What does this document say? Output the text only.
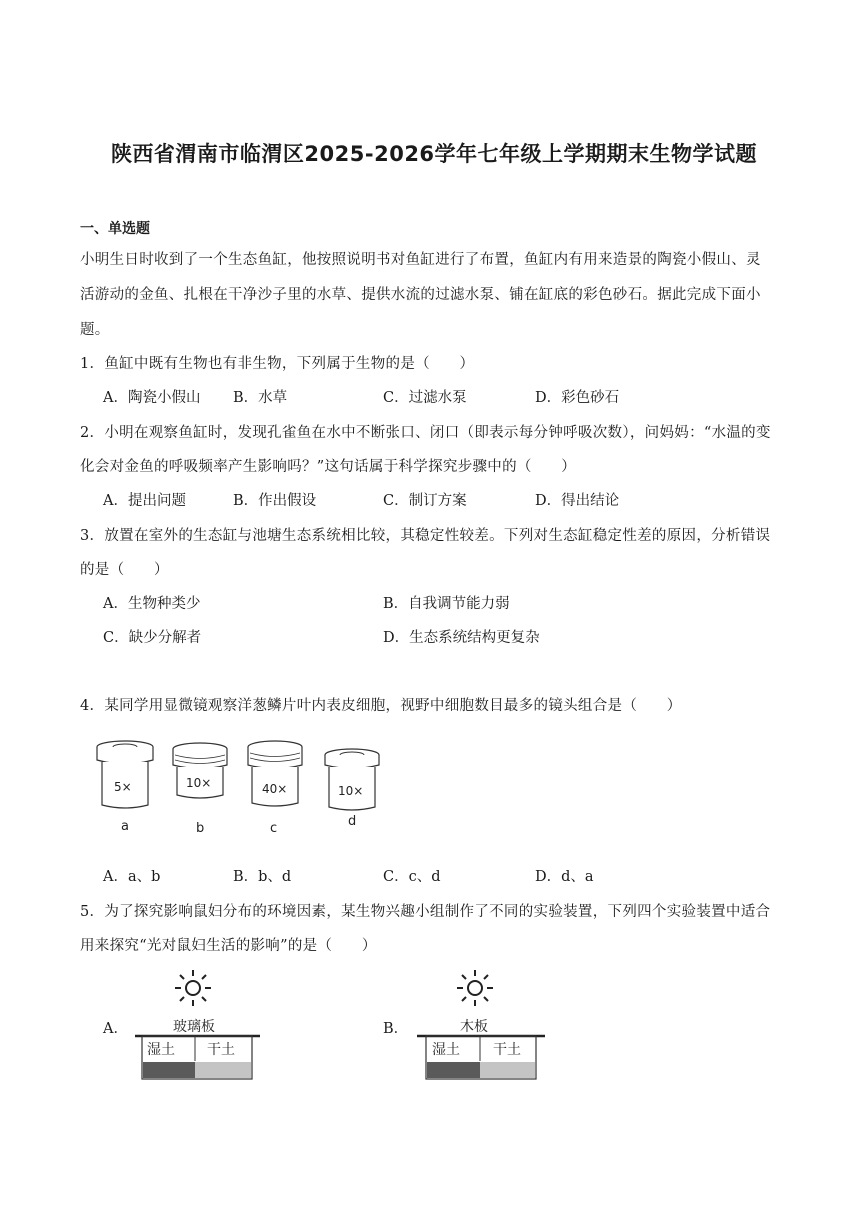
陕西省渭南市临渭区2025-2026学年七年级上学期期末生物学试题
一、单选题
小明生日时收到了一个生态鱼缸，他按照说明书对鱼缸进行了布置，鱼缸内有用来造景的陶瓷小假山、灵
活游动的金鱼、扎根在干净沙子里的水草、提供水流的过滤水泵、铺在缸底的彩色砂石。据此完成下面小
题。
1．鱼缸中既有生物也有非生物，下列属于生物的是（　　）
A．陶瓷小假山 B．水草	C．过滤水泵	D．彩色砂石
2．小明在观察鱼缸时，发现孔雀鱼在水中不断张口、闭口（即表示每分钟呼吸次数），问妈妈：“水温的变
化会对金鱼的呼吸频率产生影响吗？”这句话属于科学探究步骤中的（　　）
A．提出问题	B．作出假设	C．制订方案	D．得出结论
3．放置在室外的生态缸与池塘生态系统相比较，其稳定性较差。下列对生态缸稳定性差的原因，分析错误
的是（　　）
A．生物种类少	B．自我调节能力弱
C．缺少分解者	D．生态系统结构更复杂
4．某同学用显微镜观察洋葱鳞片叶内表皮细胞，视野中细胞数目最多的镜头组合是（　　）
5×
a
10×
b
40×
c
10×
d
A．a、b	B．b、d	C．c、d	D．d、a
5．为了探究影响鼠妇分布的环境因素，某生物兴趣小组制作了不同的实验装置，下列四个实验装置中适合
用来探究“光对鼠妇生活的影响”的是（　　）
A．	玻璃板
湿土 干土
B．	木板
湿土 干土
